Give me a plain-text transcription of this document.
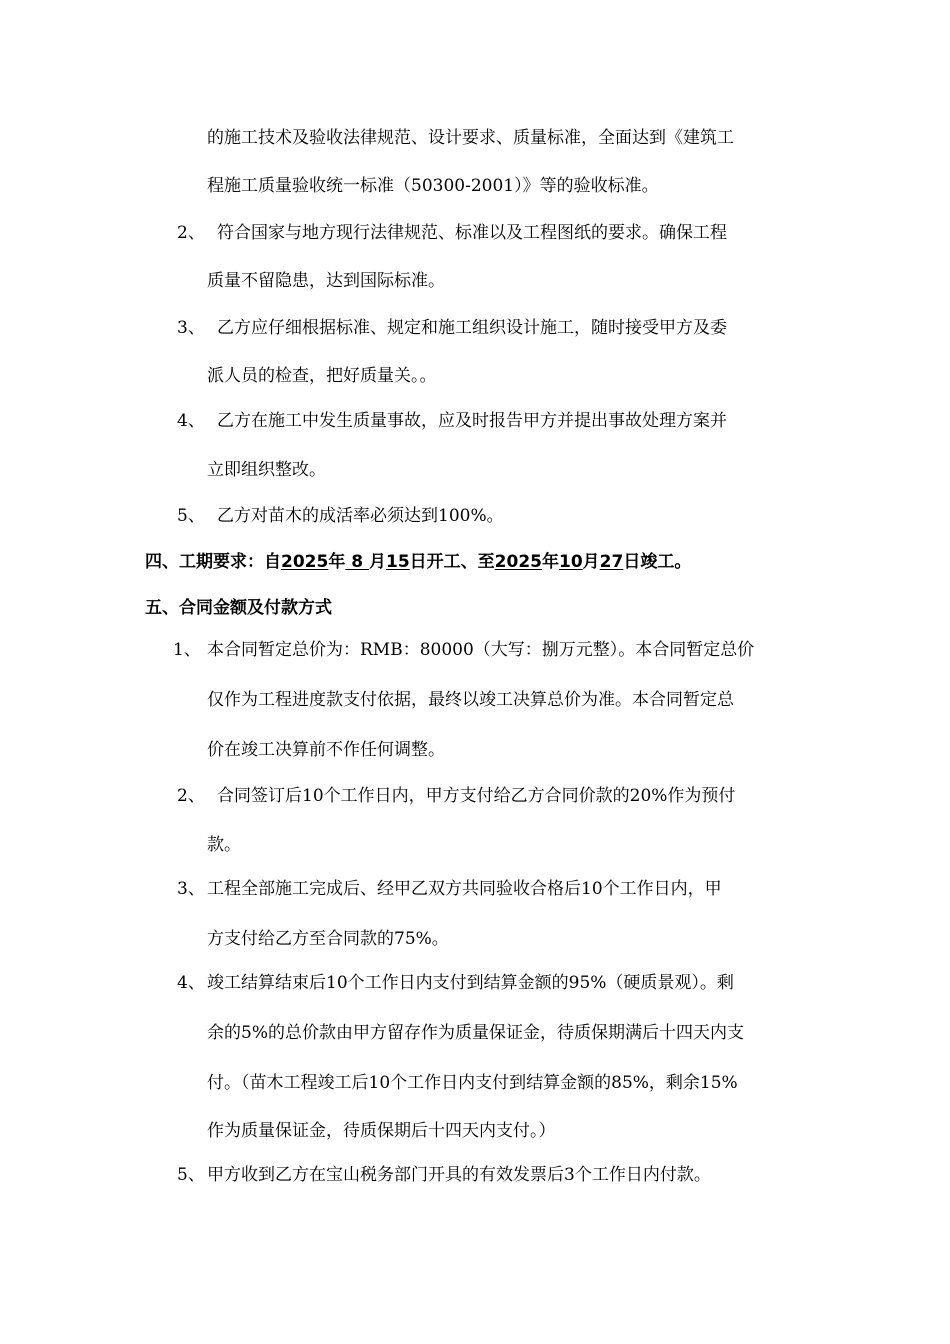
的施工技术及验收法律规范、设计要求、质量标准，全面达到《建筑工
程施工质量验收统一标准（50300-2001）》等的验收标准。
2、 符合国家与地方现行法律规范、标准以及工程图纸的要求。确保工程
质量不留隐患，达到国际标准。
3、 乙方应仔细根据标准、规定和施工组织设计施工，随时接受甲方及委
派人员的检查，把好质量关。。
4、 乙方在施工中发生质量事故，应及时报告甲方并提出事故处理方案并
立即组织整改。
5、 乙方对苗木的成活率必须达到100%。
四、工期要求：自2025年 8 月15日开工、至2025年10月27日竣工。
五、合同金额及付款方式
1、 本合同暂定总价为：RMB：80000（大写：捌万元整）。本合同暂定总价
仅作为工程进度款支付依据，最终以竣工决算总价为准。本合同暂定总
价在竣工决算前不作任何调整。
2、 合同签订后10个工作日内，甲方支付给乙方合同价款的20%作为预付
款。
3、 工程全部施工完成后、经甲乙双方共同验收合格后10个工作日内，甲
方支付给乙方至合同款的75%。
4、 竣工结算结束后10个工作日内支付到结算金额的95%（硬质景观）。剩
余的5%的总价款由甲方留存作为质量保证金，待质保期满后十四天内支
付。（苗木工程竣工后10个工作日内支付到结算金额的85%，剩余15%
作为质量保证金，待质保期后十四天内支付。）
5、 甲方收到乙方在宝山税务部门开具的有效发票后3个工作日内付款。
